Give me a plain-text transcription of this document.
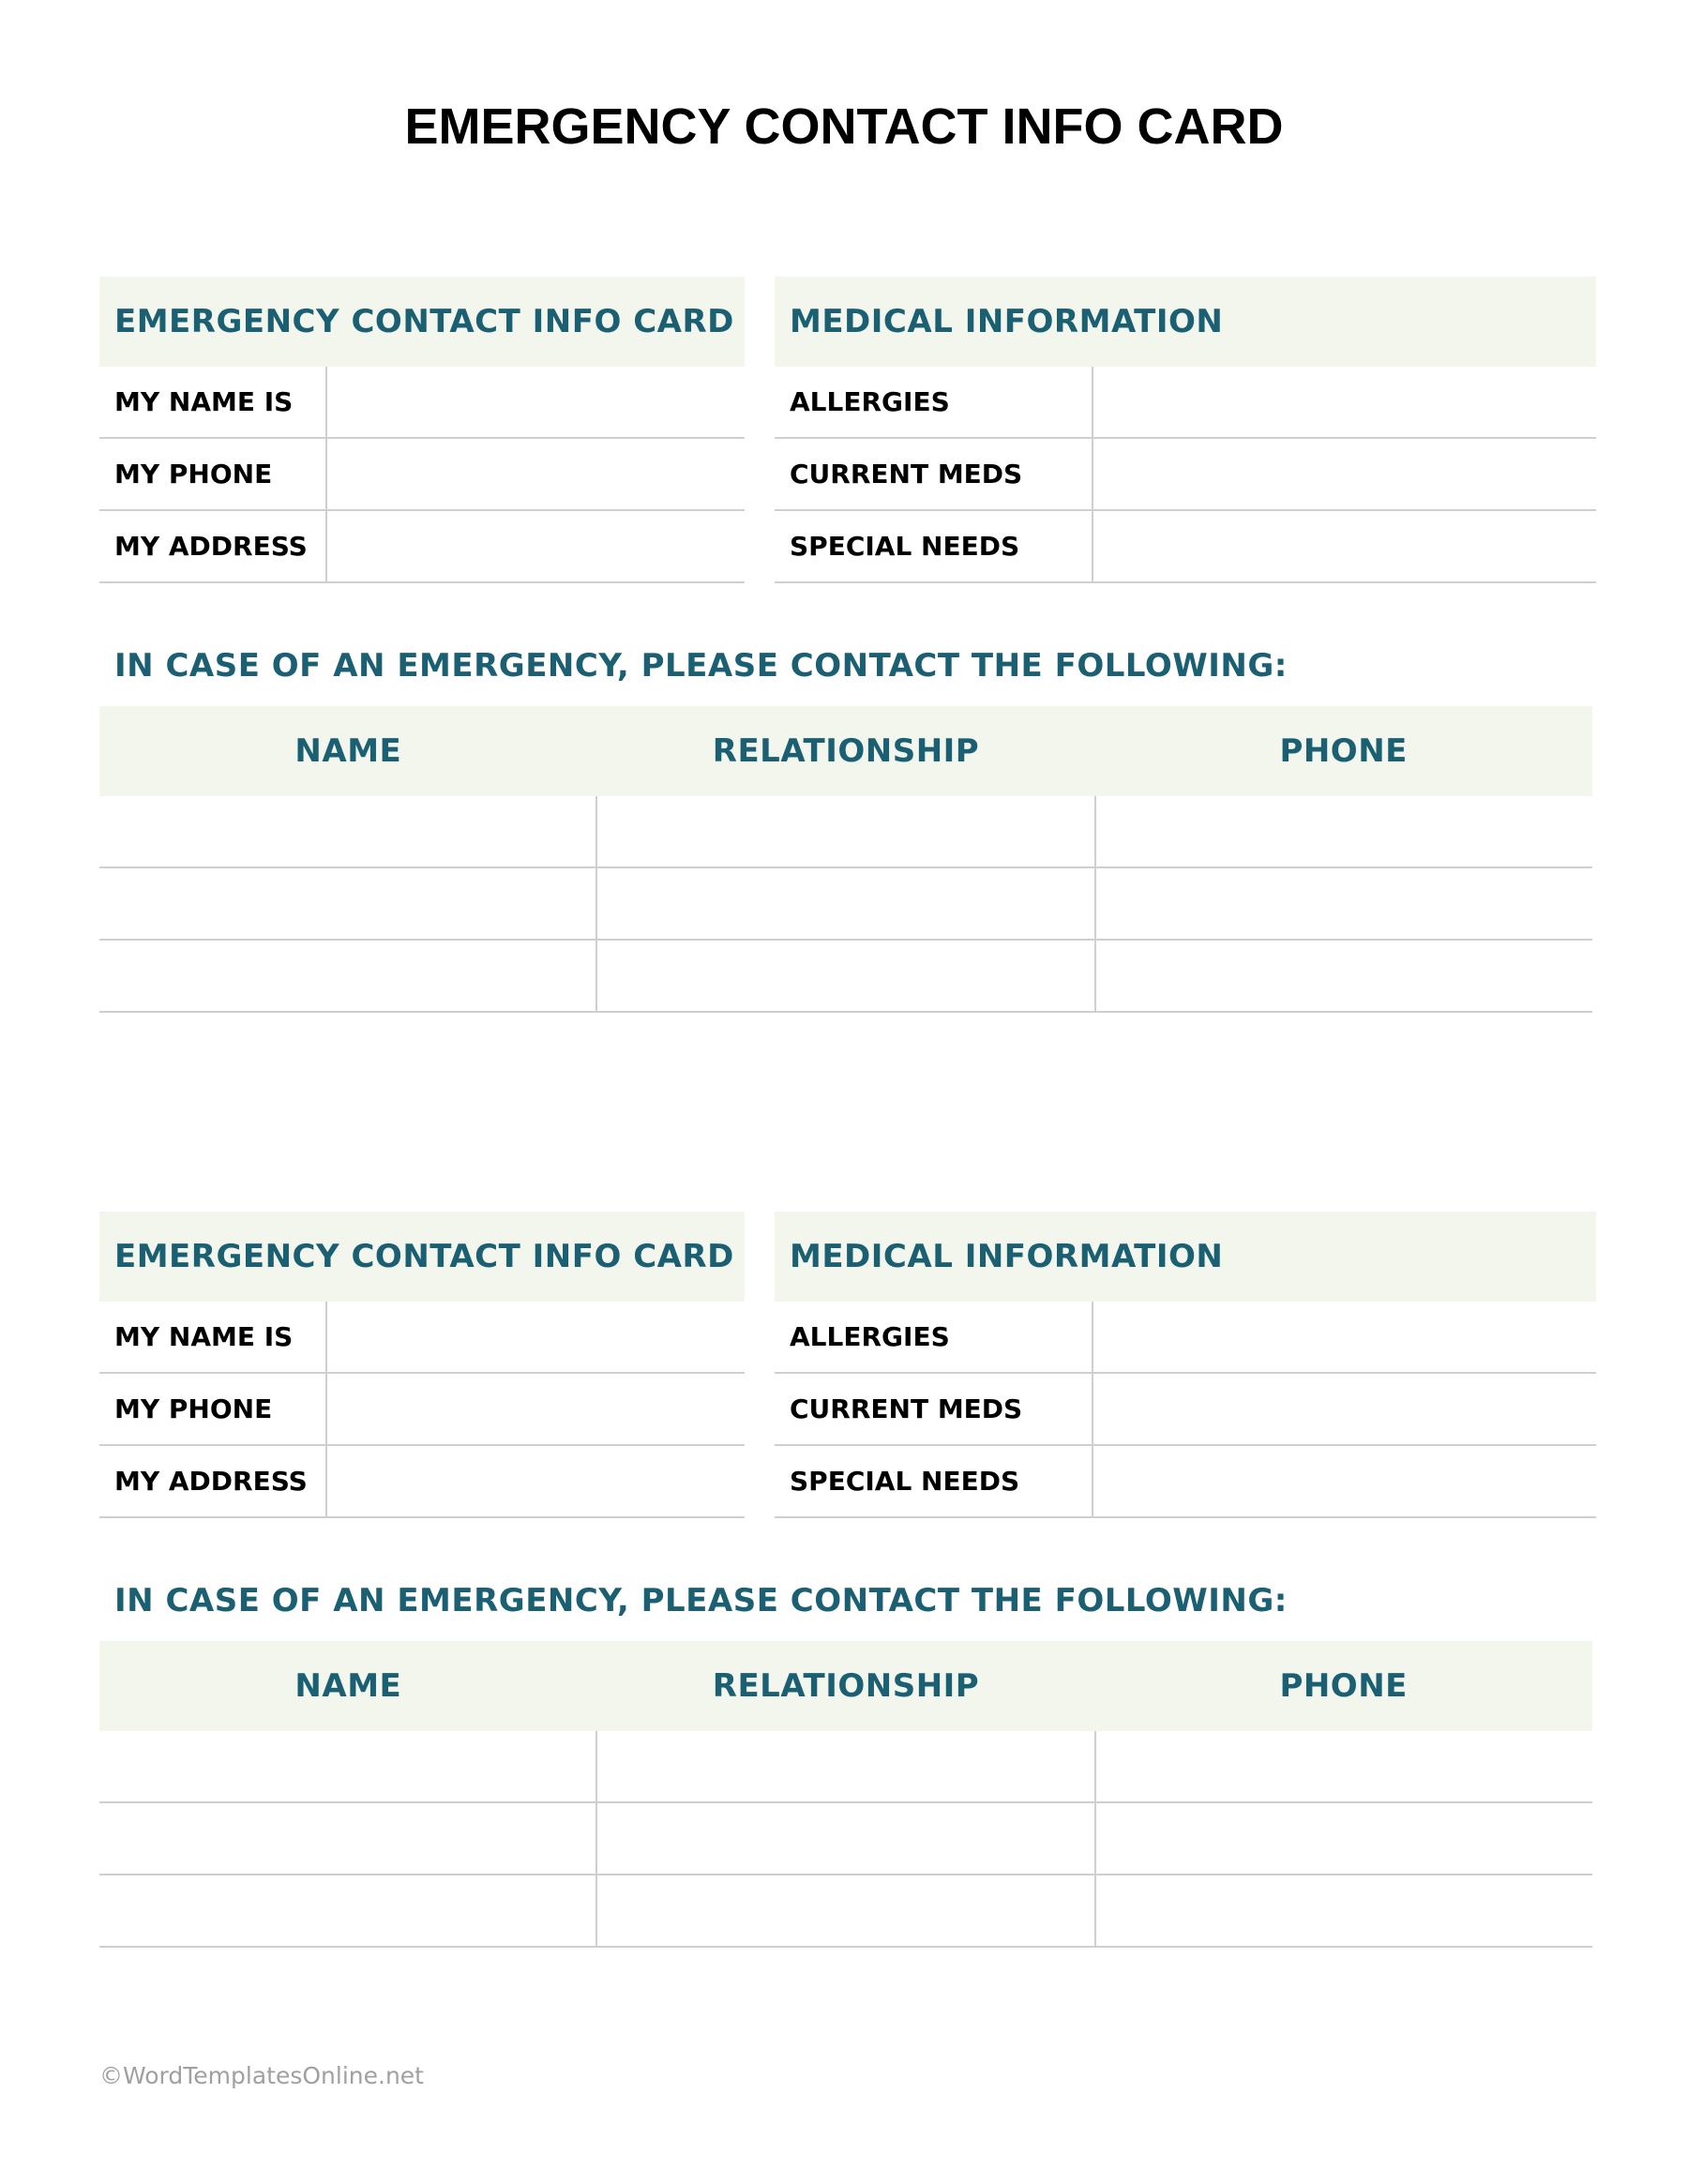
EMERGENCY CONTACT INFO CARD
EMERGENCY CONTACT INFO CARD
MY NAME IS
MY PHONE
MY ADDRESS
MEDICAL INFORMATION
ALLERGIES
CURRENT MEDS
SPECIAL NEEDS
IN CASE OF AN EMERGENCY, PLEASE CONTACT THE FOLLOWING:
NAME	RELATIONSHIP	PHONE
EMERGENCY CONTACT INFO CARD
MY NAME IS
MY PHONE
MY ADDRESS
MEDICAL INFORMATION
ALLERGIES
CURRENT MEDS
SPECIAL NEEDS
IN CASE OF AN EMERGENCY, PLEASE CONTACT THE FOLLOWING:
NAME	RELATIONSHIP	PHONE
©WordTemplatesOnline.net
